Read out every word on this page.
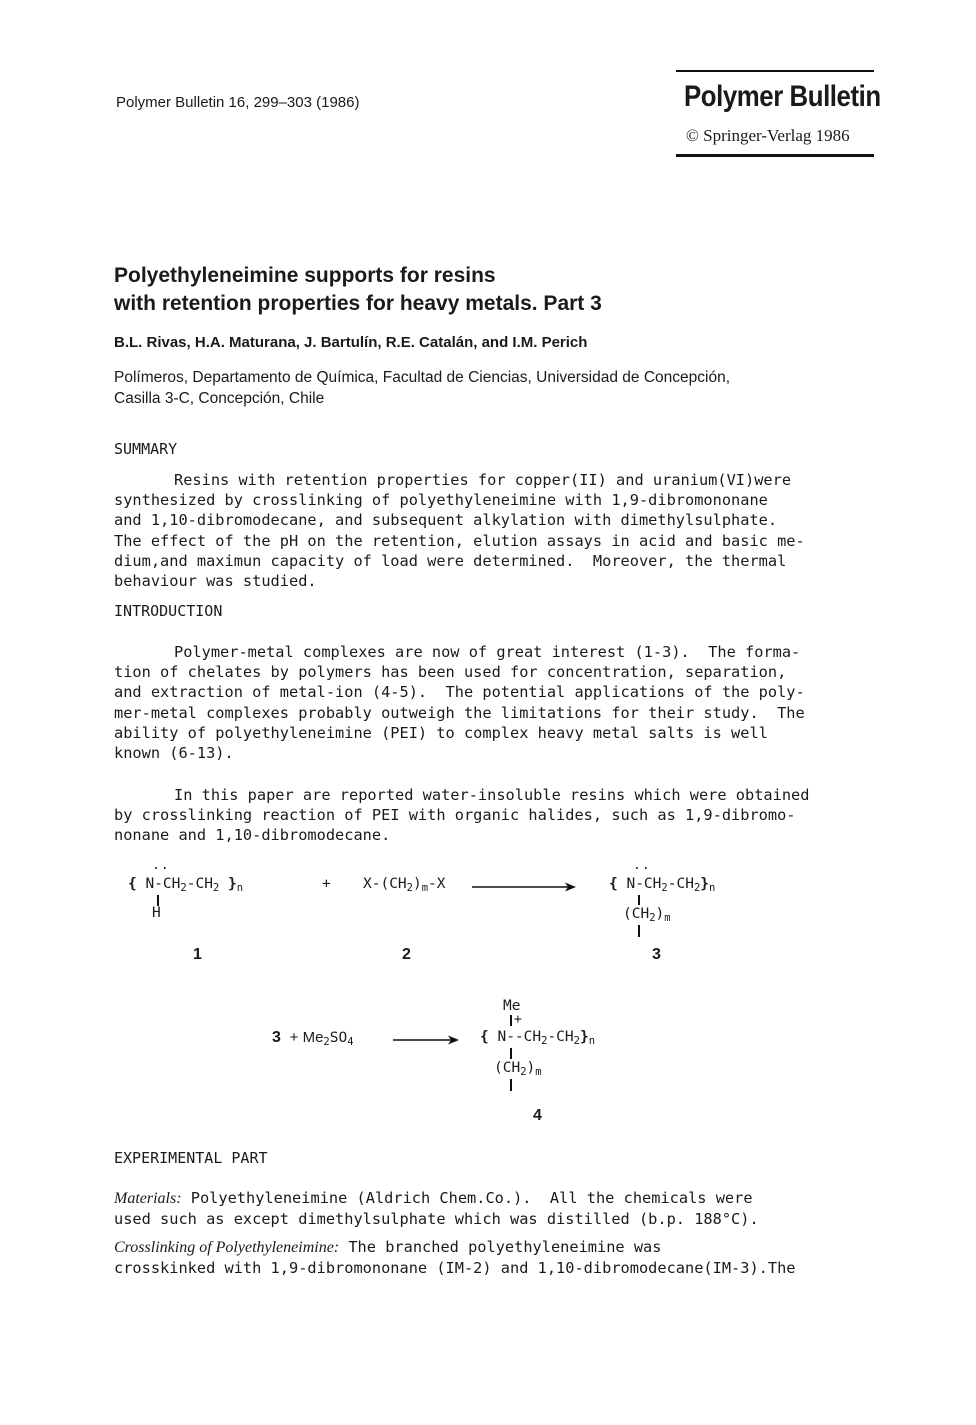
Polymer Bulletin 16, 299–303 (1986)	Polymer Bulletin
© Springer-Verlag 1986
Polyethyleneimine supports for resins
with retention properties for heavy metals. Part 3
B.L. Rivas, H.A. Maturana, J. Bartulín, R.E. Catalán, and I.M. Perich
Polímeros, Departamento de Química, Facultad de Ciencias, Universidad de Concepción,
Casilla 3-C, Concepción, Chile
SUMMARY
Resins with retention properties for copper(II) and uranium(VI)were
synthesized by crosslinking of polyethyleneimine with 1,9-dibromononane
and 1,10-dibromodecane, and subsequent alkylation with dimethylsulphate.
The effect of the pH on the retention, elution assays in acid and basic me-
dium,and maximun capacity of load were determined.  Moreover, the thermal
behaviour was studied.
INTRODUCTION
Polymer-metal complexes are now of great interest (1-3).  The forma-
tion of chelates by polymers has been used for concentration, separation,
and extraction of metal-ion (4-5).  The potential applications of the poly-
mer-metal complexes probably outweigh the limitations for their study.  The
ability of polyethyleneimine (PEI) to complex heavy metal salts is well
known (6-13).
In this paper are reported water-insoluble resins which were obtained
by crosslinking reaction of PEI with organic halides, such as 1,9-dibromo-
nonane and 1,10-dibromodecane.
..
{ $N-CH_2-CH_2$ }$_n$
H
+ $X-(CH_2)_m-X$
..
{ $N-CH_2-CH_2\}_n$
$(CH_2)_m$
1	2	3
$3 + Me_2SO_4$
Me
+
{ $N--CH_2-CH_2\}_n$
$(CH_2)_m$
4
EXPERIMENTAL PART
Materials: Polyethyleneimine (Aldrich Chem.Co.).  All the chemicals were
used such as except dimethylsulphate which was distilled (b.p. 188°C).
Crosslinking of Polyethyleneimine: The branched polyethyleneimine was
crosskinked with 1,9-dibromononane (IM-2) and 1,10-dibromodecane(IM-3).The
